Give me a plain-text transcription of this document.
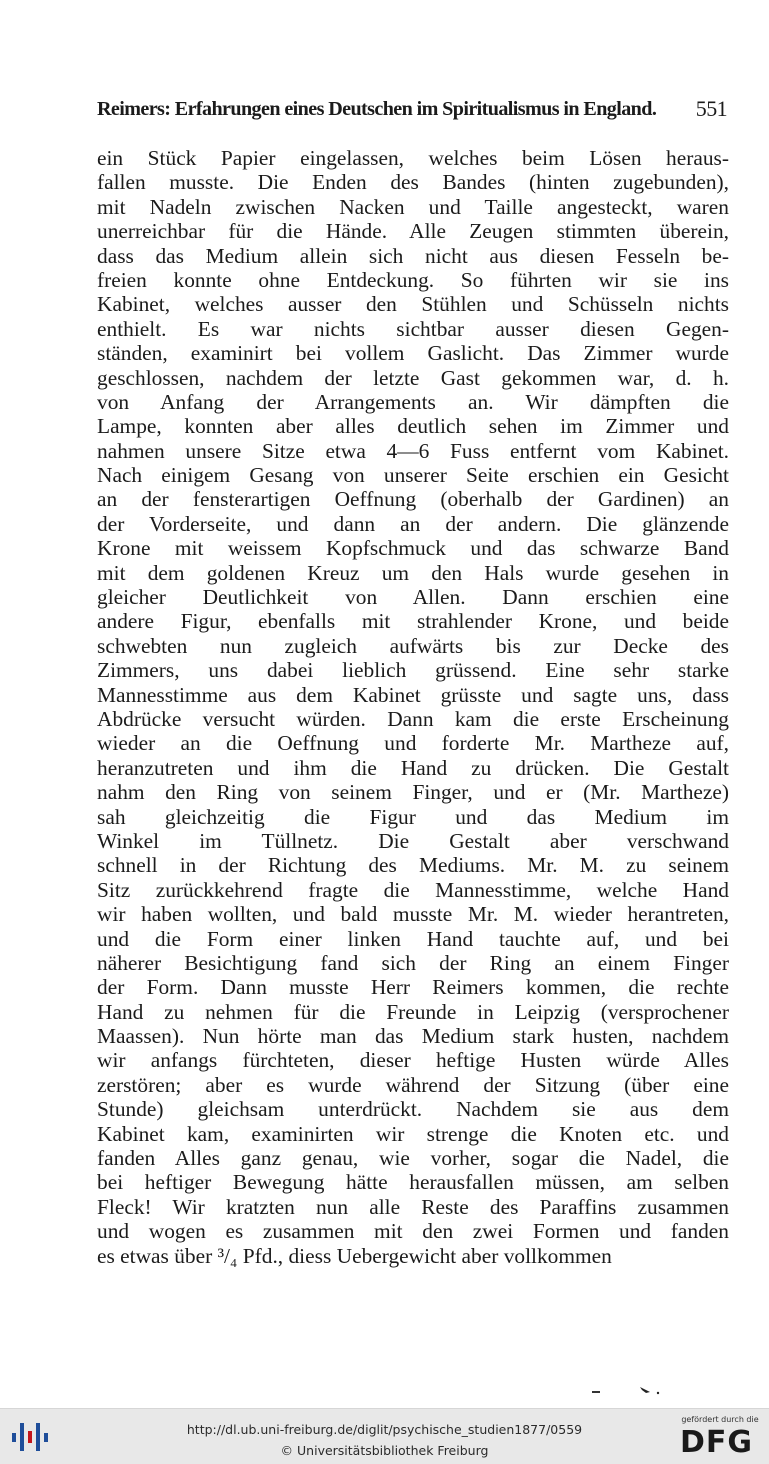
Reimers: Erfahrungen eines Deutschen im Spiritualismus in England. 551
ein Stück Papier eingelassen, welches beim Lösen heraus-
fallen musste. Die Enden des Bandes (hinten zugebunden),
mit Nadeln zwischen Nacken und Taille angesteckt, waren
unerreichbar für die Hände. Alle Zeugen stimmten überein,
dass das Medium allein sich nicht aus diesen Fesseln be-
freien konnte ohne Entdeckung. So führten wir sie ins
Kabinet, welches ausser den Stühlen und Schüsseln nichts
enthielt. Es war nichts sichtbar ausser diesen Gegen-
ständen, examinirt bei vollem Gaslicht. Das Zimmer wurde
geschlossen, nachdem der letzte Gast gekommen war, d. h.
von Anfang der Arrangements an. Wir dämpften die
Lampe, konnten aber alles deutlich sehen im Zimmer und
nahmen unsere Sitze etwa 4—6 Fuss entfernt vom Kabinet.
Nach einigem Gesang von unserer Seite erschien ein Gesicht
an der fensterartigen Oeffnung (oberhalb der Gardinen) an
der Vorderseite, und dann an der andern. Die glänzende
Krone mit weissem Kopfschmuck und das schwarze Band
mit dem goldenen Kreuz um den Hals wurde gesehen in
gleicher Deutlichkeit von Allen. Dann erschien eine
andere Figur, ebenfalls mit strahlender Krone, und beide
schwebten nun zugleich aufwärts bis zur Decke des
Zimmers, uns dabei lieblich grüssend. Eine sehr starke
Mannesstimme aus dem Kabinet grüsste und sagte uns, dass
Abdrücke versucht würden. Dann kam die erste Erscheinung
wieder an die Oeffnung und forderte Mr. Martheze auf,
heranzutreten und ihm die Hand zu drücken. Die Gestalt
nahm den Ring von seinem Finger, und er (Mr. Martheze)
sah gleichzeitig die Figur und das Medium im
Winkel im Tüllnetz. Die Gestalt aber verschwand
schnell in der Richtung des Mediums. Mr. M. zu seinem
Sitz zurückkehrend fragte die Mannesstimme, welche Hand
wir haben wollten, und bald musste Mr. M. wieder herantreten,
und die Form einer linken Hand tauchte auf, und bei
näherer Besichtigung fand sich der Ring an einem Finger
der Form. Dann musste Herr Reimers kommen, die rechte
Hand zu nehmen für die Freunde in Leipzig (versprochener
Maassen). Nun hörte man das Medium stark husten, nachdem
wir anfangs fürchteten, dieser heftige Husten würde Alles
zerstören; aber es wurde während der Sitzung (über eine
Stunde) gleichsam unterdrückt. Nachdem sie aus dem
Kabinet kam, examinirten wir strenge die Knoten etc. und
fanden Alles ganz genau, wie vorher, sogar die Nadel, die
bei heftiger Bewegung hätte herausfallen müssen, am selben
Fleck! Wir kratzten nun alle Reste des Paraffins zusammen
und wogen es zusammen mit den zwei Formen und fanden
es etwas über ³/₄ Pfd., diess Uebergewicht aber vollkommen
http://dl.ub.uni-freiburg.de/diglit/psychische_studien1877/0559
© Universitätsbibliothek Freiburg
gefördert durch die
DFG
